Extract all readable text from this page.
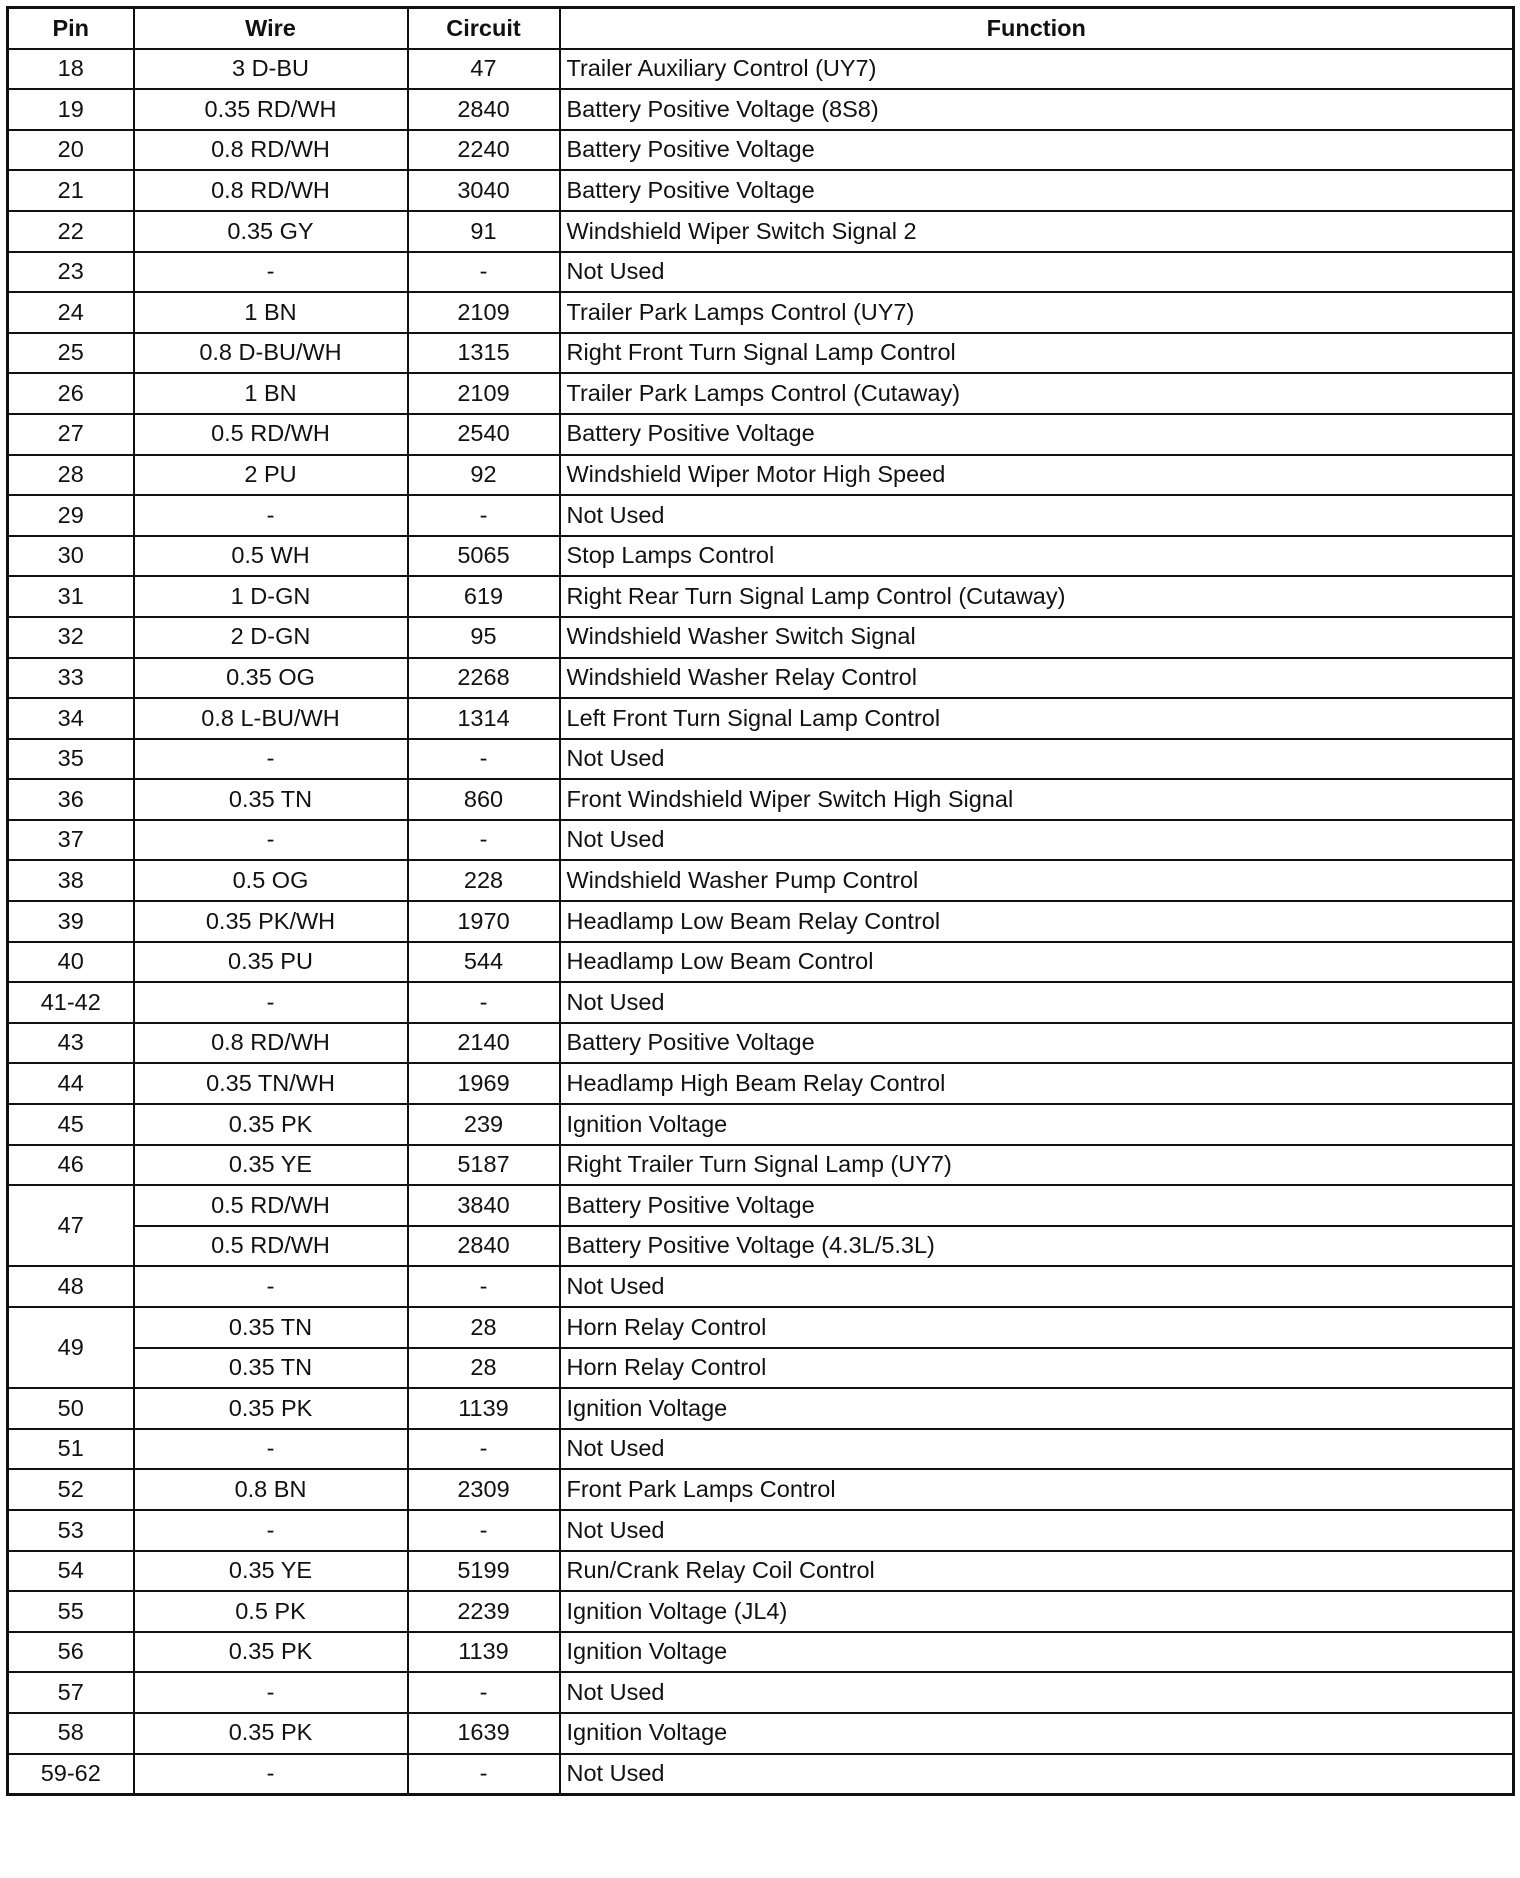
Pin	Wire	Circuit	Function
18	3 D-BU	47	Trailer Auxiliary Control (UY7)
19	0.35 RD/WH	2840	Battery Positive Voltage (8S8)
20	0.8 RD/WH	2240	Battery Positive Voltage
21	0.8 RD/WH	3040	Battery Positive Voltage
22	0.35 GY	91	Windshield Wiper Switch Signal 2
23	-	-	Not Used
24	1 BN	2109	Trailer Park Lamps Control (UY7)
25	0.8 D-BU/WH	1315	Right Front Turn Signal Lamp Control
26	1 BN	2109	Trailer Park Lamps Control (Cutaway)
27	0.5 RD/WH	2540	Battery Positive Voltage
28	2 PU	92	Windshield Wiper Motor High Speed
29	-	-	Not Used
30	0.5 WH	5065	Stop Lamps Control
31	1 D-GN	619	Right Rear Turn Signal Lamp Control (Cutaway)
32	2 D-GN	95	Windshield Washer Switch Signal
33	0.35 OG	2268	Windshield Washer Relay Control
34	0.8 L-BU/WH	1314	Left Front Turn Signal Lamp Control
35	-	-	Not Used
36	0.35 TN	860	Front Windshield Wiper Switch High Signal
37	-	-	Not Used
38	0.5 OG	228	Windshield Washer Pump Control
39	0.35 PK/WH	1970	Headlamp Low Beam Relay Control
40	0.35 PU	544	Headlamp Low Beam Control
41-42	-	-	Not Used
43	0.8 RD/WH	2140	Battery Positive Voltage
44	0.35 TN/WH	1969	Headlamp High Beam Relay Control
45	0.35 PK	239	Ignition Voltage
46	0.35 YE	5187	Right Trailer Turn Signal Lamp (UY7)
47	0.5 RD/WH	3840	Battery Positive Voltage
	0.5 RD/WH	2840	Battery Positive Voltage (4.3L/5.3L)
48	-	-	Not Used
49	0.35 TN	28	Horn Relay Control
	0.35 TN	28	Horn Relay Control
50	0.35 PK	1139	Ignition Voltage
51	-	-	Not Used
52	0.8 BN	2309	Front Park Lamps Control
53	-	-	Not Used
54	0.35 YE	5199	Run/Crank Relay Coil Control
55	0.5 PK	2239	Ignition Voltage (JL4)
56	0.35 PK	1139	Ignition Voltage
57	-	-	Not Used
58	0.35 PK	1639	Ignition Voltage
59-62	-	-	Not Used
